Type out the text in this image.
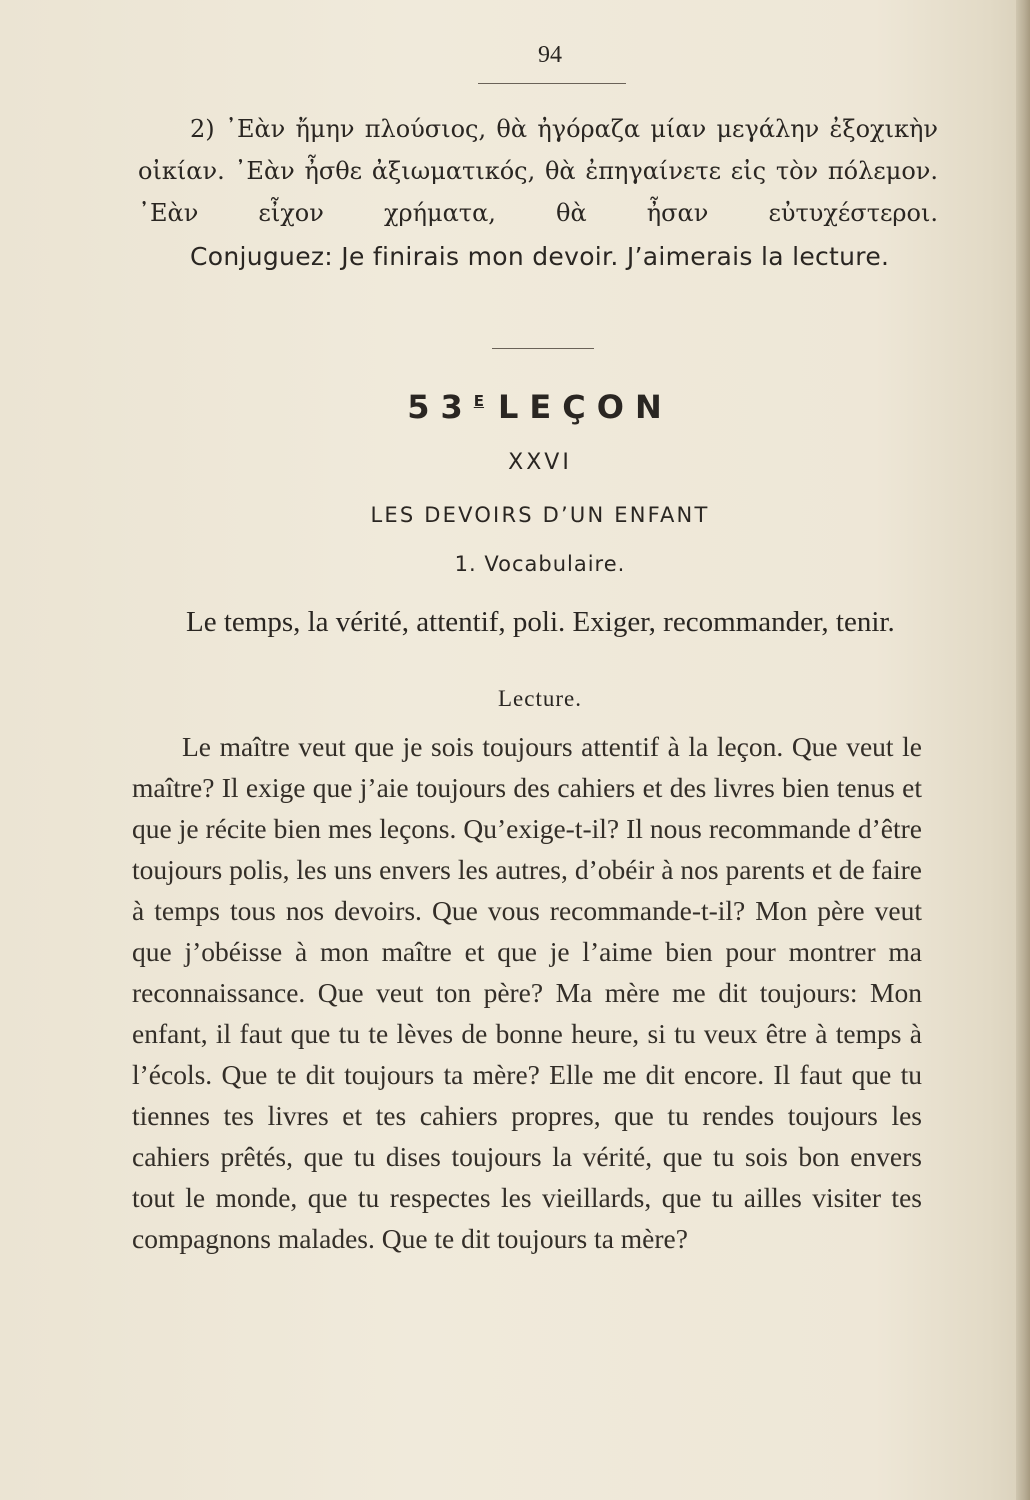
94
2) ᾿Εὰν ἤμην πλούσιος, θὰ ἠγόραζα μίαν μεγάλην ἐξοχικὴν οἰκίαν. ᾿Εὰν ἦσθε ἀξιωματικός, θὰ ἐπηγαίνετε εἰς τὸν πόλεμον. ᾿Εὰν εἶχον χρήματα, θὰ ἦσαν εὐτυχέστεροι.
Conjuguez: Je finirais mon devoir. J’aimerais la lecture.
$53^E$ LEÇON
XXVI
LES DEVOIRS D’UN ENFANT
1. Vocabulaire.
Le temps, la vérité, attentif, poli. Exiger, recommander, tenir.
Lecture.
Le maître veut que je sois toujours attentif à la leçon. Que veut le maître? Il exige que j’aie toujours des cahiers et des livres bien tenus et que je récite bien mes leçons. Qu’exige-t-il? Il nous recommande d’être toujours polis, les uns envers les autres, d’obéir à nos parents et de faire à temps tous nos devoirs. Que vous recommande-t-il? Mon père veut que j’obéisse à mon maître et que je l’aime bien pour montrer ma reconnaissance. Que veut ton père? Ma mère me dit toujours: Mon enfant, il faut que tu te lèves de bonne heure, si tu veux être à temps à l’écols. Que te dit toujours ta mère? Elle me dit encore. Il faut que tu tiennes tes livres et tes cahiers propres, que tu rendes toujours les cahiers prêtés, que tu dises toujours la vérité, que tu sois bon envers tout le monde, que tu respectes les vieillards, que tu ailles visiter tes compagnons malades. Que te dit toujours ta mère?
